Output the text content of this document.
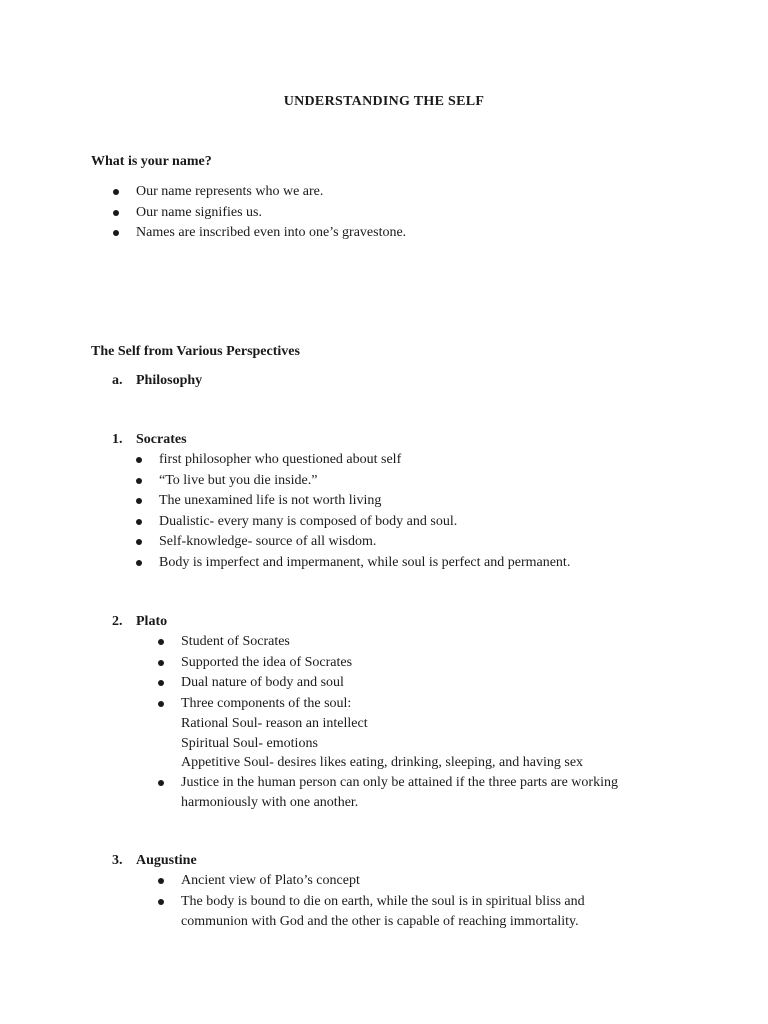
UNDERSTANDING THE SELF
What is your name?
Our name represents who we are.
Our name signifies us.
Names are inscribed even into one’s gravestone.
The Self from Various Perspectives
a. Philosophy
1. Socrates
first philosopher who questioned about self
“To live but you die inside.”
The unexamined life is not worth living
Dualistic- every many is composed of body and soul.
Self-knowledge- source of all wisdom.
Body is imperfect and impermanent, while soul is perfect and permanent.
2. Plato
Student of Socrates
Supported the idea of Socrates
Dual nature of body and soul
Three components of the soul:
Rational Soul- reason an intellect
Spiritual Soul- emotions
Appetitive Soul- desires likes eating, drinking, sleeping, and having sex
Justice in the human person can only be attained if the three parts are working
harmoniously with one another.
3. Augustine
Ancient view of Plato’s concept
The body is bound to die on earth, while the soul is in spiritual bliss and
communion with God and the other is capable of reaching immortality.
